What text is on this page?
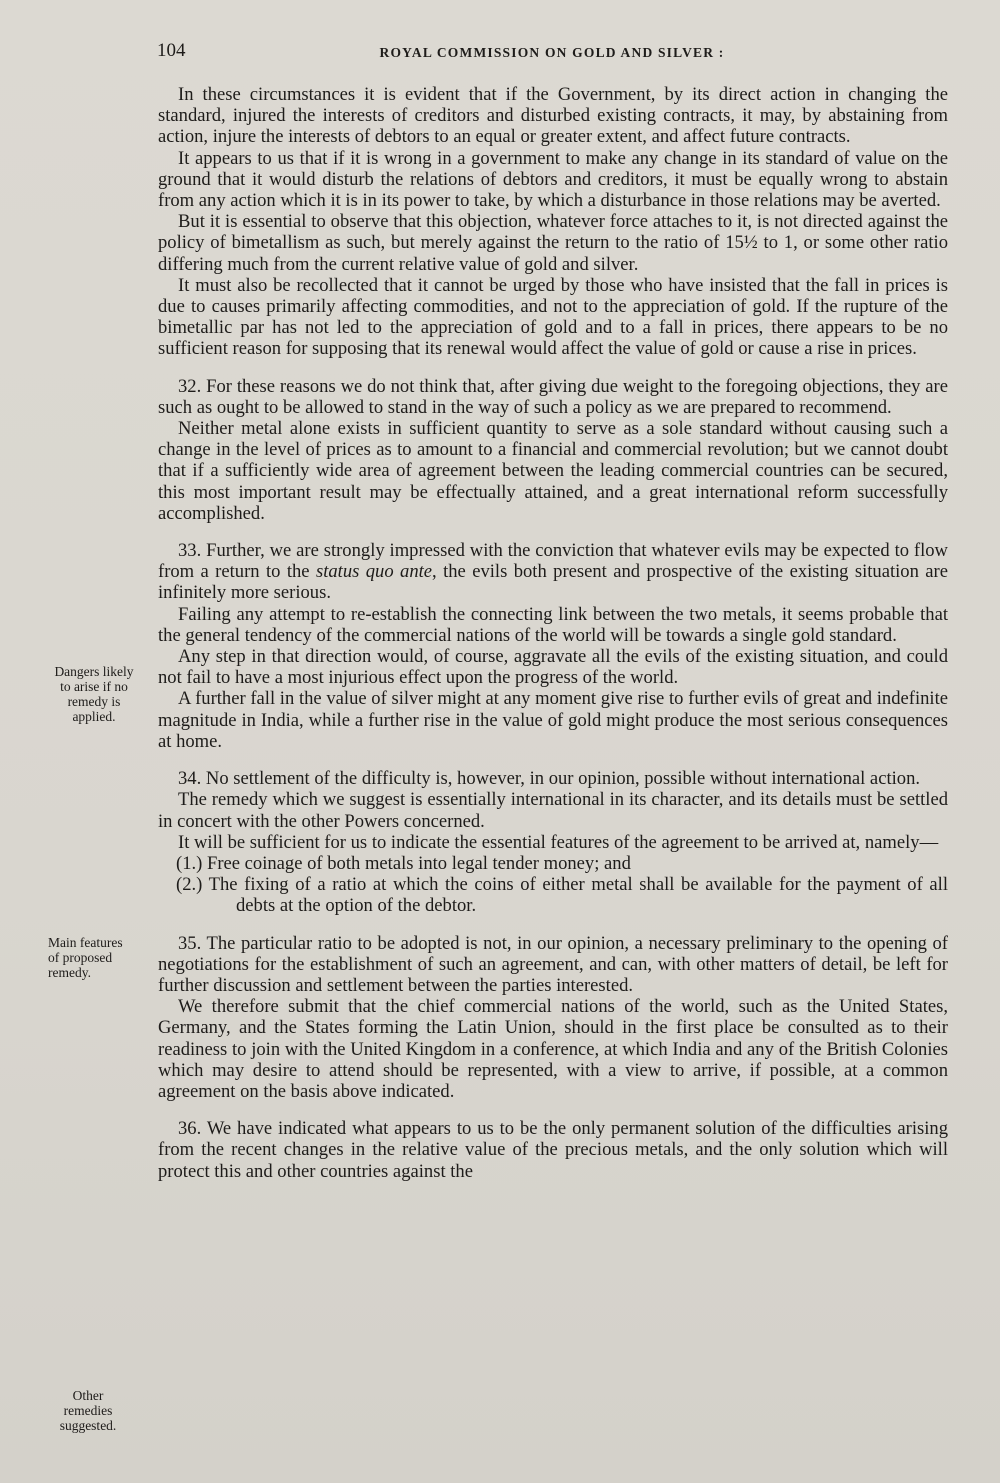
104	ROYAL COMMISSION ON GOLD AND SILVER :
Dangers likely to arise if no remedy is applied.
Main features of proposed remedy.
Other remedies suggested.

In these circumstances it is evident that if the Government, by its direct action in changing the standard, injured the interests of creditors and disturbed existing contracts, it may, by abstaining from action, injure the interests of debtors to an equal or greater extent, and affect future contracts.

It appears to us that if it is wrong in a government to make any change in its standard of value on the ground that it would disturb the relations of debtors and creditors, it must be equally wrong to abstain from any action which it is in its power to take, by which a disturbance in those relations may be averted.

But it is essential to observe that this objection, whatever force attaches to it, is not directed against the policy of bimetallism as such, but merely against the return to the ratio of 15½ to 1, or some other ratio differing much from the current relative value of gold and silver.

It must also be recollected that it cannot be urged by those who have insisted that the fall in prices is due to causes primarily affecting commodities, and not to the appreciation of gold. If the rupture of the bimetallic par has not led to the appreciation of gold and to a fall in prices, there appears to be no sufficient reason for supposing that its renewal would affect the value of gold or cause a rise in prices.

32. For these reasons we do not think that, after giving due weight to the foregoing objections, they are such as ought to be allowed to stand in the way of such a policy as we are prepared to recommend.

Neither metal alone exists in sufficient quantity to serve as a sole standard without causing such a change in the level of prices as to amount to a financial and commercial revolution; but we cannot doubt that if a sufficiently wide area of agreement between the leading commercial countries can be secured, this most important result may be effectually attained, and a great international reform successfully accomplished.

33. Further, we are strongly impressed with the conviction that whatever evils may be expected to flow from a return to the status quo ante, the evils both present and prospective of the existing situation are infinitely more serious.

Failing any attempt to re-establish the connecting link between the two metals, it seems probable that the general tendency of the commercial nations of the world will be towards a single gold standard.

Any step in that direction would, of course, aggravate all the evils of the existing situation, and could not fail to have a most injurious effect upon the progress of the world.

A further fall in the value of silver might at any moment give rise to further evils of great and indefinite magnitude in India, while a further rise in the value of gold might produce the most serious consequences at home.

34. No settlement of the difficulty is, however, in our opinion, possible without international action.

The remedy which we suggest is essentially international in its character, and its details must be settled in concert with the other Powers concerned.

It will be sufficient for us to indicate the essential features of the agreement to be arrived at, namely—

(1.) Free coinage of both metals into legal tender money; and
(2.) The fixing of a ratio at which the coins of either metal shall be available for the payment of all debts at the option of the debtor.

35. The particular ratio to be adopted is not, in our opinion, a necessary preliminary to the opening of negotiations for the establishment of such an agreement, and can, with other matters of detail, be left for further discussion and settlement between the parties interested.

We therefore submit that the chief commercial nations of the world, such as the United States, Germany, and the States forming the Latin Union, should in the first place be consulted as to their readiness to join with the United Kingdom in a conference, at which India and any of the British Colonies which may desire to attend should be represented, with a view to arrive, if possible, at a common agreement on the basis above indicated.

36. We have indicated what appears to us to be the only permanent solution of the difficulties arising from the recent changes in the relative value of the precious metals, and the only solution which will protect this and other countries against the
